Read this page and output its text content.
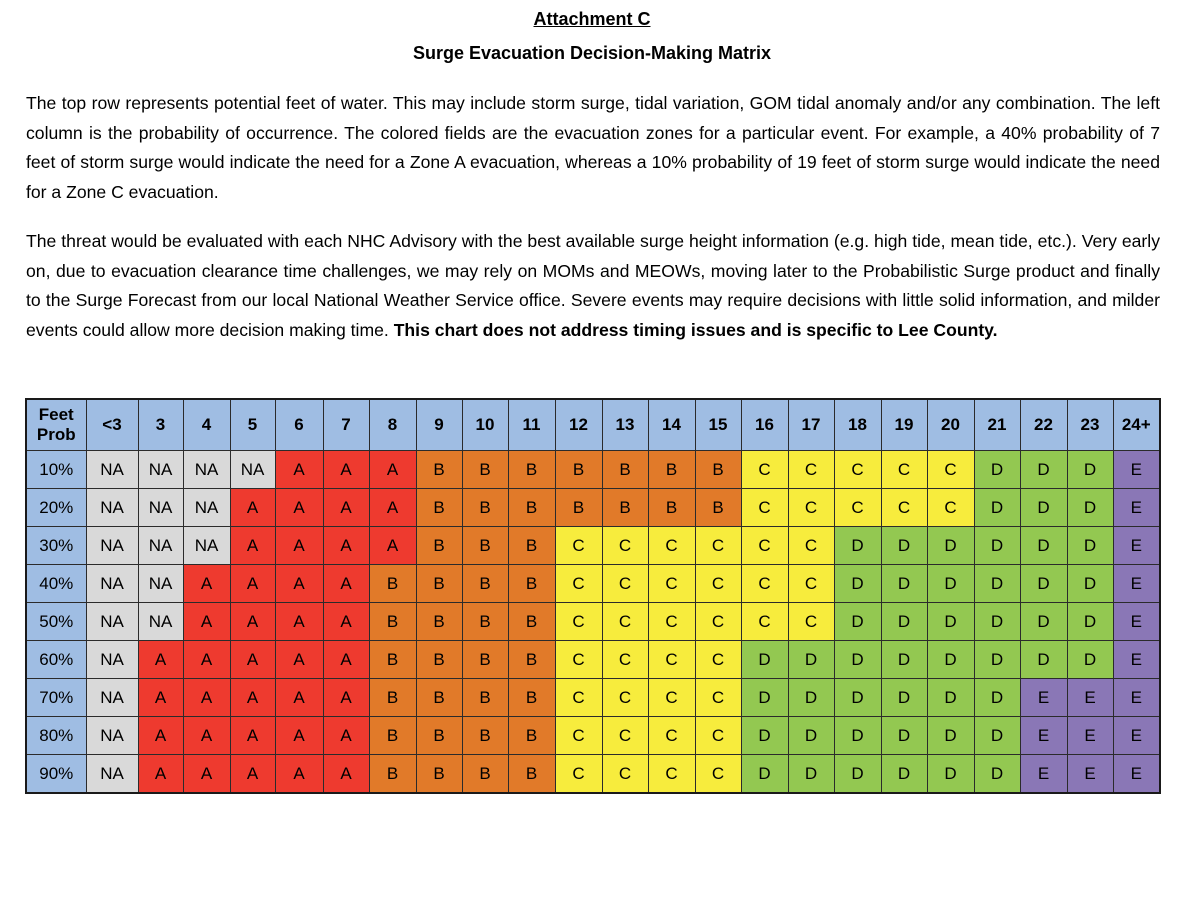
Attachment C
Surge Evacuation Decision-Making Matrix

The top row represents potential feet of water. This may include storm surge, tidal variation, GOM tidal anomaly and/or any combination. The left column is the probability of occurrence. The colored fields are the evacuation zones for a particular event. For example, a 40% probability of 7 feet of storm surge would indicate the need for a Zone A evacuation, whereas a 10% probability of 19 feet of storm surge would indicate the need for a Zone C evacuation.

The threat would be evaluated with each NHC Advisory with the best available surge height information (e.g. high tide, mean tide, etc.). Very early on, due to evacuation clearance time challenges, we may rely on MOMs and MEOWs, moving later to the Probabilistic Surge product and finally to the Surge Forecast from our local National Weather Service office. Severe events may require decisions with little solid information, and milder events could allow more decision making time. This chart does not address timing issues and is specific to Lee County.

Feet
Prob	<3	3	4	5	6	7	8	9	10	11	12	13	14	15	16	17	18	19	20	21	22	23	24+
10%	NA	NA	NA	NA	A	A	A	B	B	B	B	B	B	B	C	C	C	C	C	D	D	D	E
20%	NA	NA	NA	A	A	A	A	B	B	B	B	B	B	B	C	C	C	C	C	D	D	D	E
30%	NA	NA	NA	A	A	A	A	B	B	B	C	C	C	C	C	C	D	D	D	D	D	D	E
40%	NA	NA	A	A	A	A	B	B	B	B	C	C	C	C	C	C	D	D	D	D	D	D	E
50%	NA	NA	A	A	A	A	B	B	B	B	C	C	C	C	C	C	D	D	D	D	D	D	E
60%	NA	A	A	A	A	A	B	B	B	B	C	C	C	C	D	D	D	D	D	D	D	D	E
70%	NA	A	A	A	A	A	B	B	B	B	C	C	C	C	D	D	D	D	D	D	E	E	E
80%	NA	A	A	A	A	A	B	B	B	B	C	C	C	C	D	D	D	D	D	D	E	E	E
90%	NA	A	A	A	A	A	B	B	B	B	C	C	C	C	D	D	D	D	D	D	E	E	E
